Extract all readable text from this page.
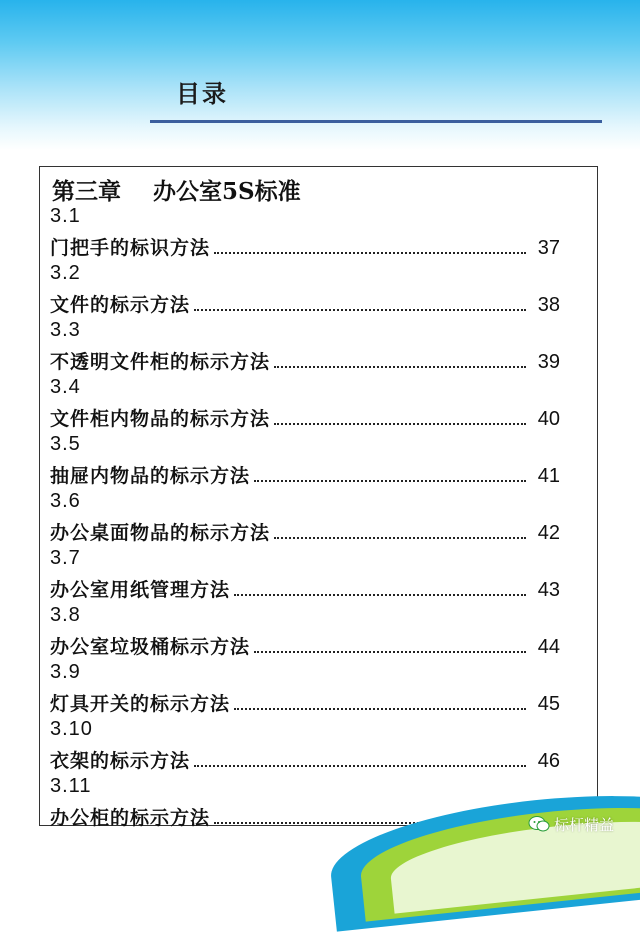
目录
第三章    办公室5S标准
3.1
门把手的标识方法	37
3.2
文件的标示方法	38
3.3
不透明文件柜的标示方法	39
3.4
文件柜内物品的标示方法	40
3.5
抽屉内物品的标示方法	41
3.6
办公桌面物品的标示方法	42
3.7
办公室用纸管理方法	43
3.8
办公室垃圾桶标示方法	44
3.9
灯具开关的标示方法	45
3.10
衣架的标示方法	46
3.11
办公柜的标示方法	标杆精益
